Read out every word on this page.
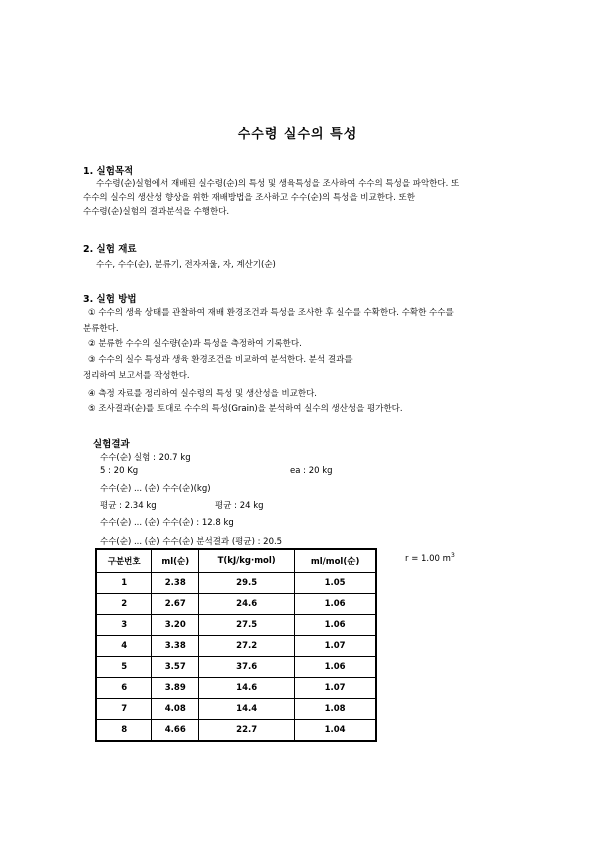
수수령 실수의 특성
1. 실험목적
수수령(순)실험에서 재배된 실수령(순)의 특성 및 생육특성을 조사하여 수수의 특성을 파악한다. 또
수수의 실수의 생산성 향상을 위한 재배방법을 조사하고 수수(순)의 특성을 비교한다. 또한
수수령(순)실험의 결과분석을 수행한다.
2. 실험 재료
수수, 수수(순), 분류기, 전자저울, 자, 계산기(순)
3. 실험 방법
① 수수의 생육 상태를 관찰하여 재배 환경조건과 특성을 조사한 후 실수를 수확한다. 수확한 수수를
분류한다.
② 분류한 수수의 실수량(순)과 특성을 측정하여 기록한다.
③ 수수의 실수 특성과 생육 환경조건을 비교하여 분석한다. 분석 결과를
정리하여 보고서를 작성한다.
④ 측정 자료를 정리하여 실수령의 특성 및 생산성을 비교한다.
⑤ 조사결과(순)를 토대로 수수의 특성(Grain)을 분석하여 실수의 생산성을 평가한다.
실험결과
수수(순) 실험 : 20.7 kg
5 : 20 Kg	ea : 20 kg
수수(순) ... (순) 수수(순)(kg)
평균 : 2.34 kg	평균 : 24 kg
수수(순) ... (순) 수수(순) : 12.8 kg
수수(순) ... (순) 수수(순) 분석결과 (평균) : 20.5
r = 1.00 $m^3$
구분번호	ml(순)	T(kJ/kg·mol)	ml/mol(순)
1	2.38	29.5	1.05
2	2.67	24.6	1.06
3	3.20	27.5	1.06
4	3.38	27.2	1.07
5	3.57	37.6	1.06
6	3.89	14.6	1.07
7	4.08	14.4	1.08
8	4.66	22.7	1.04
